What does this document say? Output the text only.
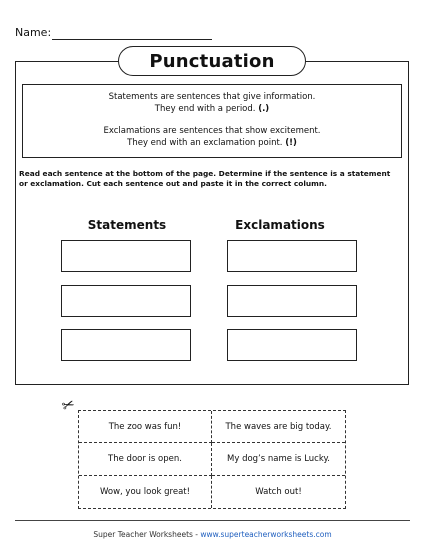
Name:
Punctuation
Statements are sentences that give information.
They end with a period. (.)
Exclamations are sentences that show excitement.
They end with an exclamation point. (!)
Read each sentence at the bottom of the page. Determine if the sentence is a statement or exclamation. Cut each sentence out and paste it in the correct column.
Statements	Exclamations
✂
The zoo was fun!	The waves are big today.
The door is open.	My dog’s name is Lucky.
Wow, you look great!	Watch out!
Super Teacher Worksheets - www.superteacherworksheets.com
